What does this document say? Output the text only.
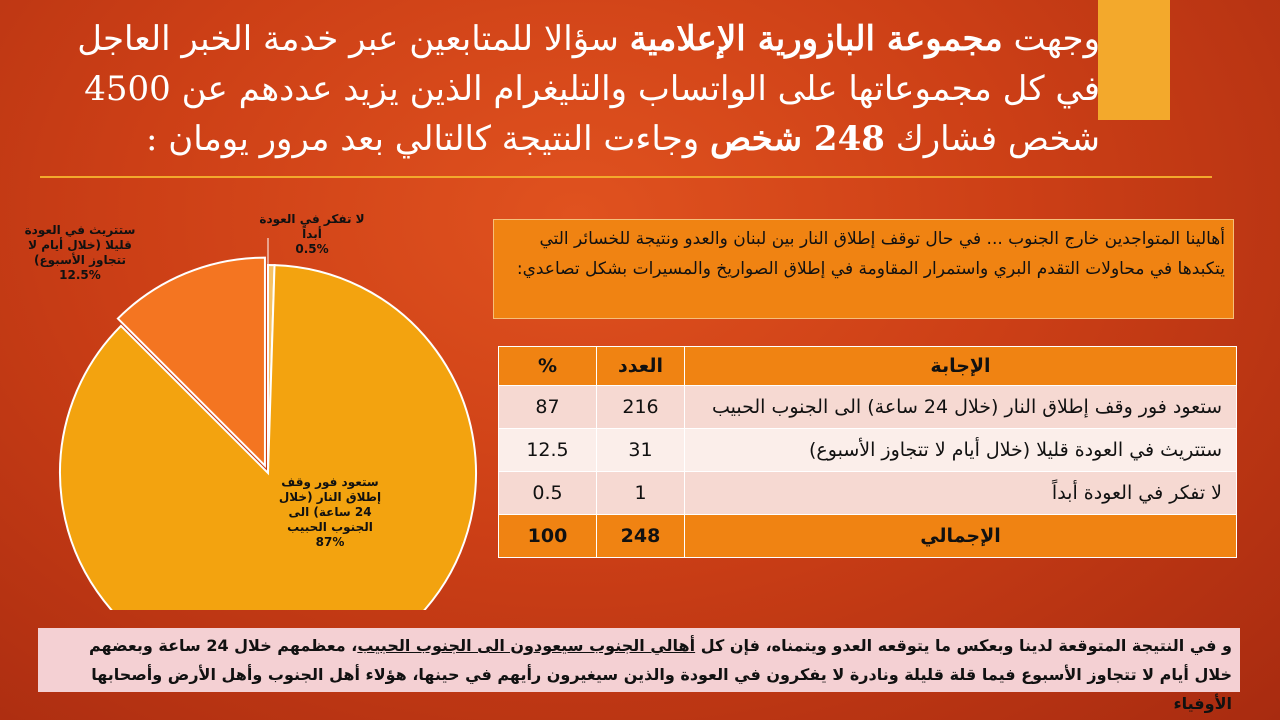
وجهت مجموعة البازورية الإعلامية سؤالا للمتابعين عبر خدمة الخبر العاجل في كل مجموعاتها على الواتساب والتليغرام الذين يزيد عددهم عن 4500 شخص فشارك 248 شخص وجاءت النتيجة كالتالي بعد مرور يومان :
أهالينا المتواجدين خارج الجنوب ... في حال توقف إطلاق النار بين لبنان والعدو ونتيجة للخسائر التي يتكبدها في محاولات التقدم البري واستمرار المقاومة في إطلاق الصواريخ والمسيرات بشكل تصاعدي:
الإجابة	العدد	%
ستعود فور وقف إطلاق النار (خلال 24 ساعة) الى الجنوب الحبيب	216	87
ستتريث في العودة قليلا (خلال أيام لا تتجاوز الأسبوع)	31	12.5
لا تفكر في العودة أبداً	1	0.5
الإجمالي	248	100
ستعود فور وقف إطلاق النار (خلال 24 ساعة) الى الجنوب الحبيب 87%
ستتريث في العودة قليلا (خلال أيام لا تتجاوز الأسبوع) 12.5%
لا تفكر في العودة أبداً 0.5%
و في النتيجة المتوقعة لدينا وبعكس ما يتوقعه العدو ويتمناه، فإن كل أهالي الجنوب سيعودون الى الجنوب الحبيب، معظمهم خلال 24 ساعة وبعضهم خلال أيام لا تتجاوز الأسبوع فيما قلة قليلة ونادرة لا يفكرون في العودة والذين سيغيرون رأيهم في حينها، هؤلاء أهل الجنوب وأهل الأرض وأصحابها الأوفياء
